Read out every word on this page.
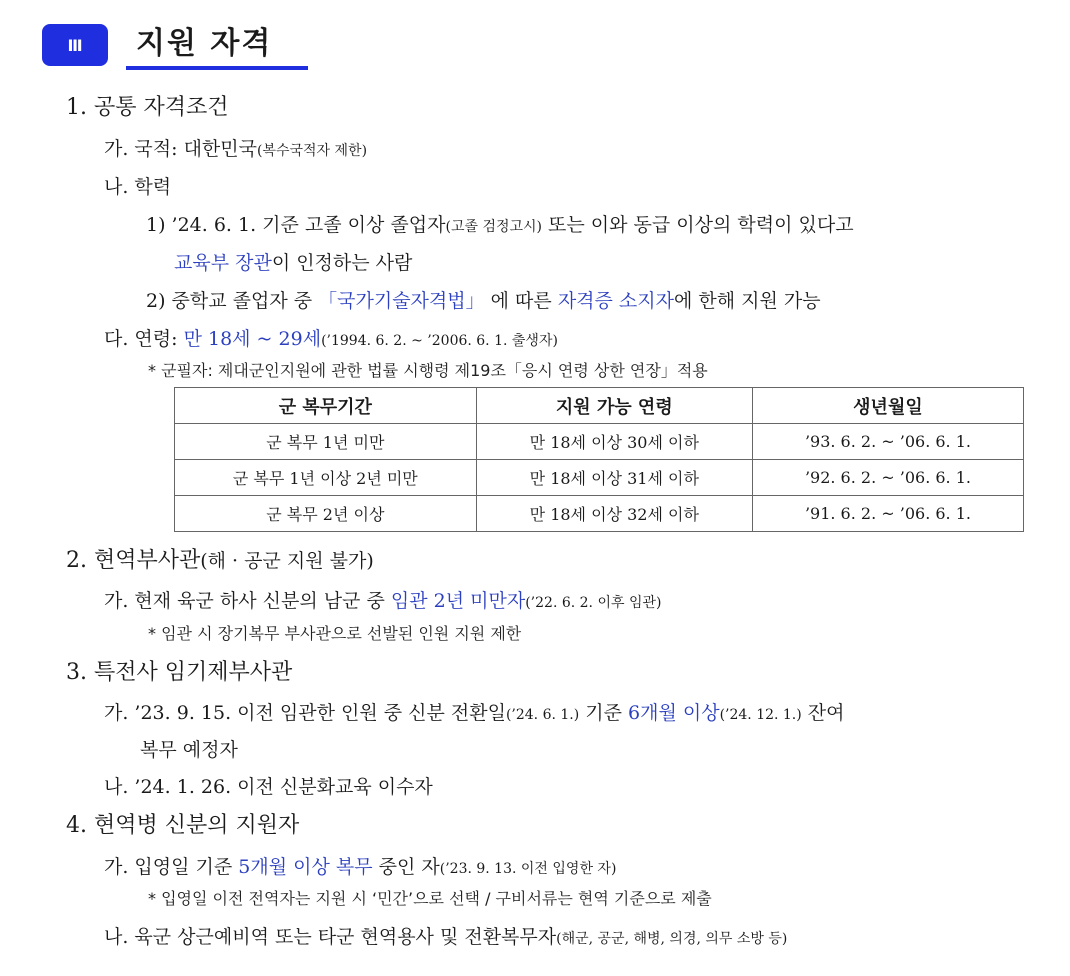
Ⅲ	지원 자격
1. 공통 자격조건
가. 국적: 대한민국(복수국적자 제한)
나. 학력
1) ’24. 6. 1. 기준 고졸 이상 졸업자(고졸 검정고시) 또는 이와 동급 이상의 학력이 있다고
교육부 장관이 인정하는 사람
2) 중학교 졸업자 중 「국가기술자격법」 에 따른 자격증 소지자에 한해 지원 가능
다. 연령: 만 18세 ~ 29세(’1994. 6. 2. ~ ’2006. 6. 1. 출생자)
* 군필자: 제대군인지원에 관한 법률 시행령 제19조「응시 연령 상한 연장」적용
군 복무기간	지원 가능 연령	생년월일
군 복무 1년 미만	만 18세 이상 30세 이하	’93. 6. 2. ~ ’06. 6. 1.
군 복무 1년 이상 2년 미만	만 18세 이상 31세 이하	’92. 6. 2. ~ ’06. 6. 1.
군 복무 2년 이상	만 18세 이상 32세 이하	’91. 6. 2. ~ ’06. 6. 1.
2. 현역부사관(해 · 공군 지원 불가)
가. 현재 육군 하사 신분의 남군 중 임관 2년 미만자(’22. 6. 2. 이후 임관)
* 임관 시 장기복무 부사관으로 선발된 인원 지원 제한
3. 특전사 임기제부사관
가. ’23. 9. 15. 이전 임관한 인원 중 신분 전환일(’24. 6. 1.) 기준 6개월 이상(’24. 12. 1.) 잔여
복무 예정자
나. ’24. 1. 26. 이전 신분화교육 이수자
4. 현역병 신분의 지원자
가. 입영일 기준 5개월 이상 복무 중인 자(’23. 9. 13. 이전 입영한 자)
* 입영일 이전 전역자는 지원 시 ‘민간’으로 선택 / 구비서류는 현역 기준으로 제출
나. 육군 상근예비역 또는 타군 현역용사 및 전환복무자(해군, 공군, 해병, 의경, 의무 소방 등)
